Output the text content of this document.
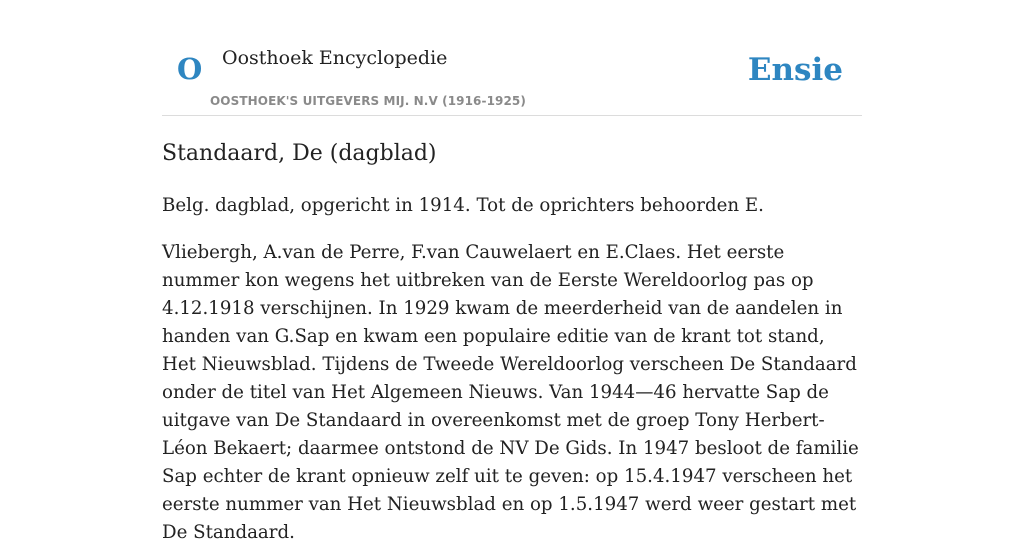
O Oosthoek Encyclopedie
OOSTHOEK'S UITGEVERS MIJ. N.V (1916-1925)
Ensie
Standaard, De (dagblad)

Belg. dagblad, opgericht in 1914. Tot de oprichters behoorden E.

Vliebergh, A.van de Perre, F.van Cauwelaert en E.Claes. Het eerste nummer kon wegens het uitbreken van de Eerste Wereldoorlog pas op 4.12.1918 verschijnen. In 1929 kwam de meerderheid van de aandelen in handen van G.Sap en kwam een populaire editie van de krant tot stand, Het Nieuwsblad. Tijdens de Tweede Wereldoorlog verscheen De Standaard onder de titel van Het Algemeen Nieuws. Van 1944—46 hervatte Sap de uitgave van De Standaard in overeenkomst met de groep Tony Herbert-Léon Bekaert; daarmee ontstond de NV De Gids. In 1947 besloot de familie Sap echter de krant opnieuw zelf uit te geven: op 15.4.1947 verscheen het eerste nummer van Het Nieuwsblad en op 1.5.1947 werd weer gestart met De Standaard.
